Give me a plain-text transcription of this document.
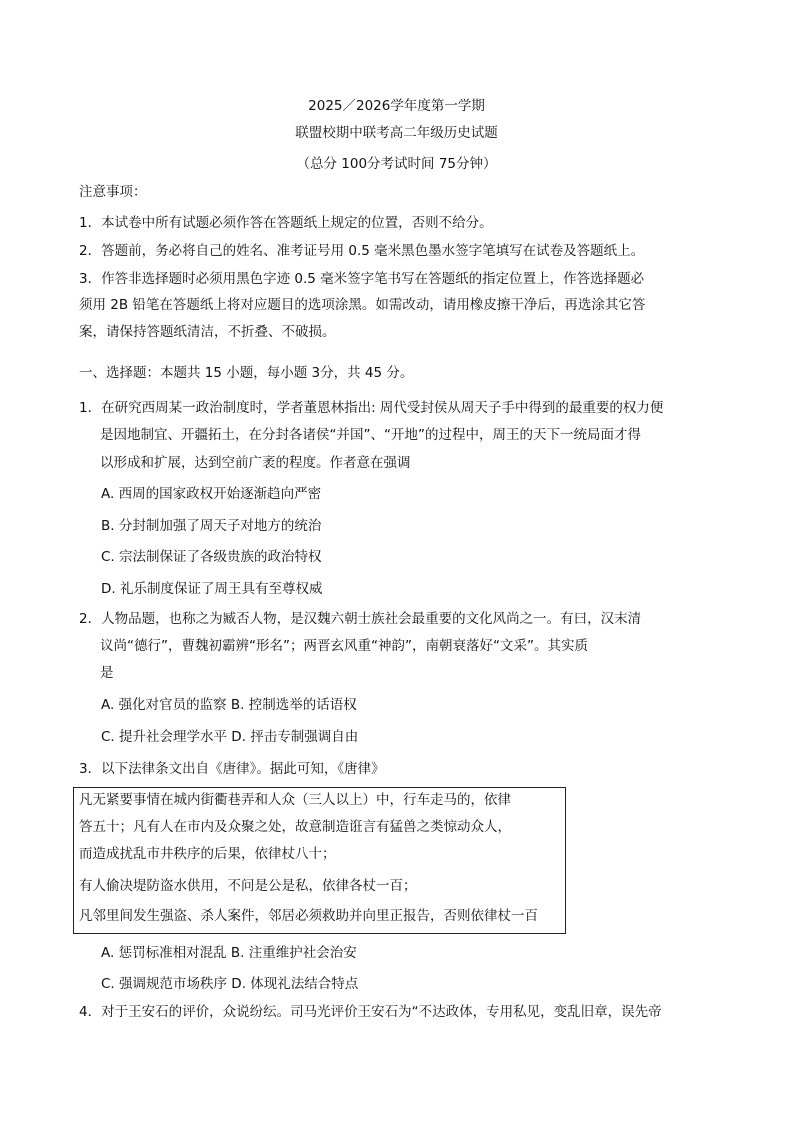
2025／2026学年度第一学期
联盟校期中联考高二年级历史试题
（总分 100分考试时间 75分钟）
注意事项：
1．本试卷中所有试题必须作答在答题纸上规定的位置，否则不给分。
2．答题前，务必将自己的姓名、准考证号用 0.5 毫米黑色墨水签字笔填写在试卷及答题纸上。
3．作答非选择题时必须用黑色字迹 0.5 毫米签字笔书写在答题纸的指定位置上，作答选择题必
须用 2B 铅笔在答题纸上将对应题目的选项涂黑。如需改动，请用橡皮擦干净后，再选涂其它答
案，请保持答题纸清洁，不折叠、不破损。
一、选择题：本题共 15 小题，每小题 3分，共 45 分。
1．在研究西周某一政治制度时，学者董恩林指出: 周代受封侯从周天子手中得到的最重要的权力便
是因地制宜、开疆拓土，在分封各诸侯“并国”、“开地”的过程中，周王的天下一统局面才得
以形成和扩展，达到空前广袤的程度。作者意在强调
A. 西周的国家政权开始逐渐趋向严密
B. 分封制加强了周天子对地方的统治
C. 宗法制保证了各级贵族的政治特权
D. 礼乐制度保证了周王具有至尊权威
2．人物品题，也称之为臧否人物，是汉魏六朝士族社会最重要的文化风尚之一。有曰，汉末清
议尚“德行”，曹魏初霸辨“形名”；两晋玄风重“神韵”，南朝衰落好“文采”。其实质
是
A. 强化对官员的监察 B. 控制选举的话语权
C. 提升社会理学水平 D. 抨击专制强调自由
3．以下法律条文出自《唐律》。据此可知，《唐律》
凡无紧要事情在城内街衢巷弄和人众（三人以上）中，行车走马的，依律
答五十；凡有人在市内及众聚之处，故意制造诳言有猛兽之类惊动众人，
而造成扰乱市井秩序的后果，依律杖八十；
有人偷决堤防盗水供用，不问是公是私，依律各杖一百；
凡邻里间发生强盗、杀人案件，邻居必须救助并向里正报告，否则依律杖一百
A. 惩罚标准相对混乱 B. 注重维护社会治安
C. 强调规范市场秩序 D. 体现礼法结合特点
4．对于王安石的评价，众说纷纭。司马光评价王安石为“不达政体，专用私见，变乱旧章，误先帝
